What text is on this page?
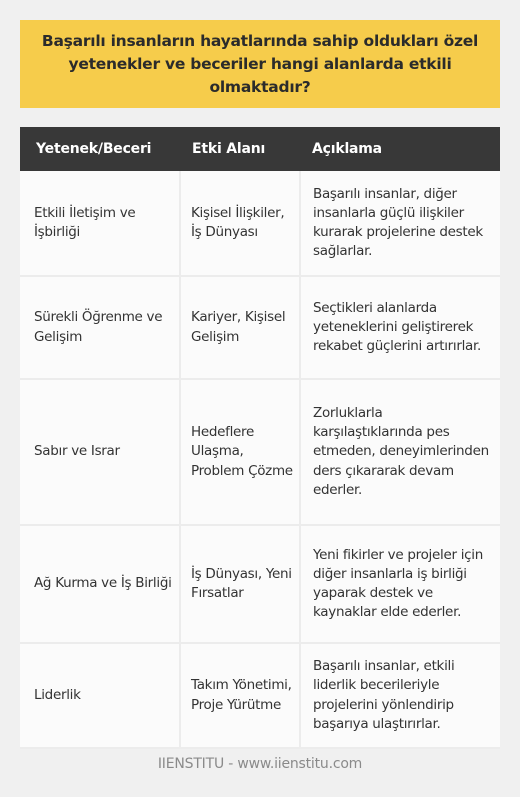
Başarılı insanların hayatlarında sahip oldukları özel
yetenekler ve beceriler hangi alanlarda etkili olmaktadır?
Yetenek/Beceri	Etki Alanı	Açıklama
Etkili İletişim ve İşbirliği	Kişisel İlişkiler, İş Dünyası	Başarılı insanlar, diğer insanlarla güçlü ilişkiler kurarak projelerine destek sağlarlar.
Sürekli Öğrenme ve Gelişim	Kariyer, Kişisel Gelişim	Seçtikleri alanlarda yeteneklerini geliştirerek rekabet güçlerini artırırlar.
Sabır ve Israr	Hedeflere Ulaşma, Problem Çözme	Zorluklarla karşılaştıklarında pes etmeden, deneyimlerinden ders çıkararak devam ederler.
Ağ Kurma ve İş Birliği	İş Dünyası, Yeni Fırsatlar	Yeni fikirler ve projeler için diğer insanlarla iş birliği yaparak destek ve kaynaklar elde ederler.
Liderlik	Takım Yönetimi, Proje Yürütme	Başarılı insanlar, etkili liderlik becerileriyle projelerini yönlendirip başarıya ulaştırırlar.
IIENSTITU - www.iienstitu.com
